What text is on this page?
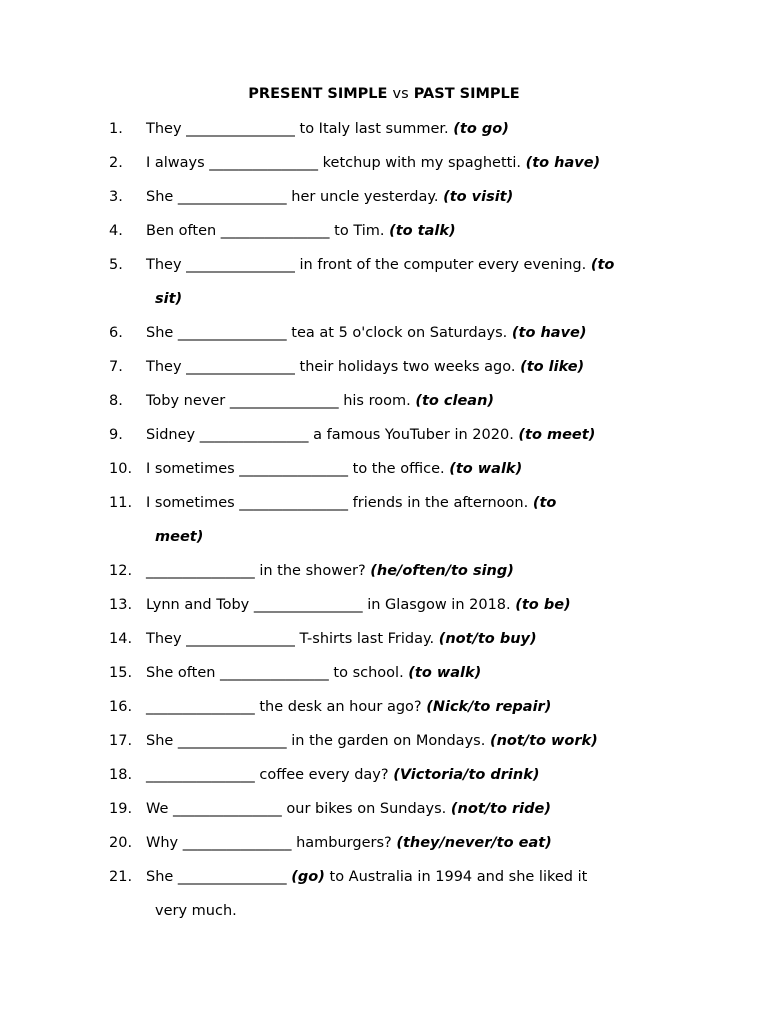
PRESENT SIMPLE vs PAST SIMPLE
1. They _______________ to Italy last summer. (to go)
2. I always _______________ ketchup with my spaghetti. (to have)
3. She _______________ her uncle yesterday. (to visit)
4. Ben often _______________ to Tim. (to talk)
5. They _______________ in front of the computer every evening. (to
sit)
6. She _______________ tea at 5 o'clock on Saturdays. (to have)
7. They _______________ their holidays two weeks ago. (to like)
8. Toby never _______________ his room. (to clean)
9. Sidney _______________ a famous YouTuber in 2020. (to meet)
10. I sometimes _______________ to the office. (to walk)
11. I sometimes _______________ friends in the afternoon. (to
meet)
12. _______________ in the shower? (he/often/to sing)
13. Lynn and Toby _______________ in Glasgow in 2018. (to be)
14. They _______________ T-shirts last Friday. (not/to buy)
15. She often _______________ to school. (to walk)
16. _______________ the desk an hour ago? (Nick/to repair)
17. She _______________ in the garden on Mondays. (not/to work)
18. _______________ coffee every day? (Victoria/to drink)
19. We _______________ our bikes on Sundays. (not/to ride)
20. Why _______________ hamburgers? (they/never/to eat)
21. She _______________ (go) to Australia in 1994 and she liked it
very much.
